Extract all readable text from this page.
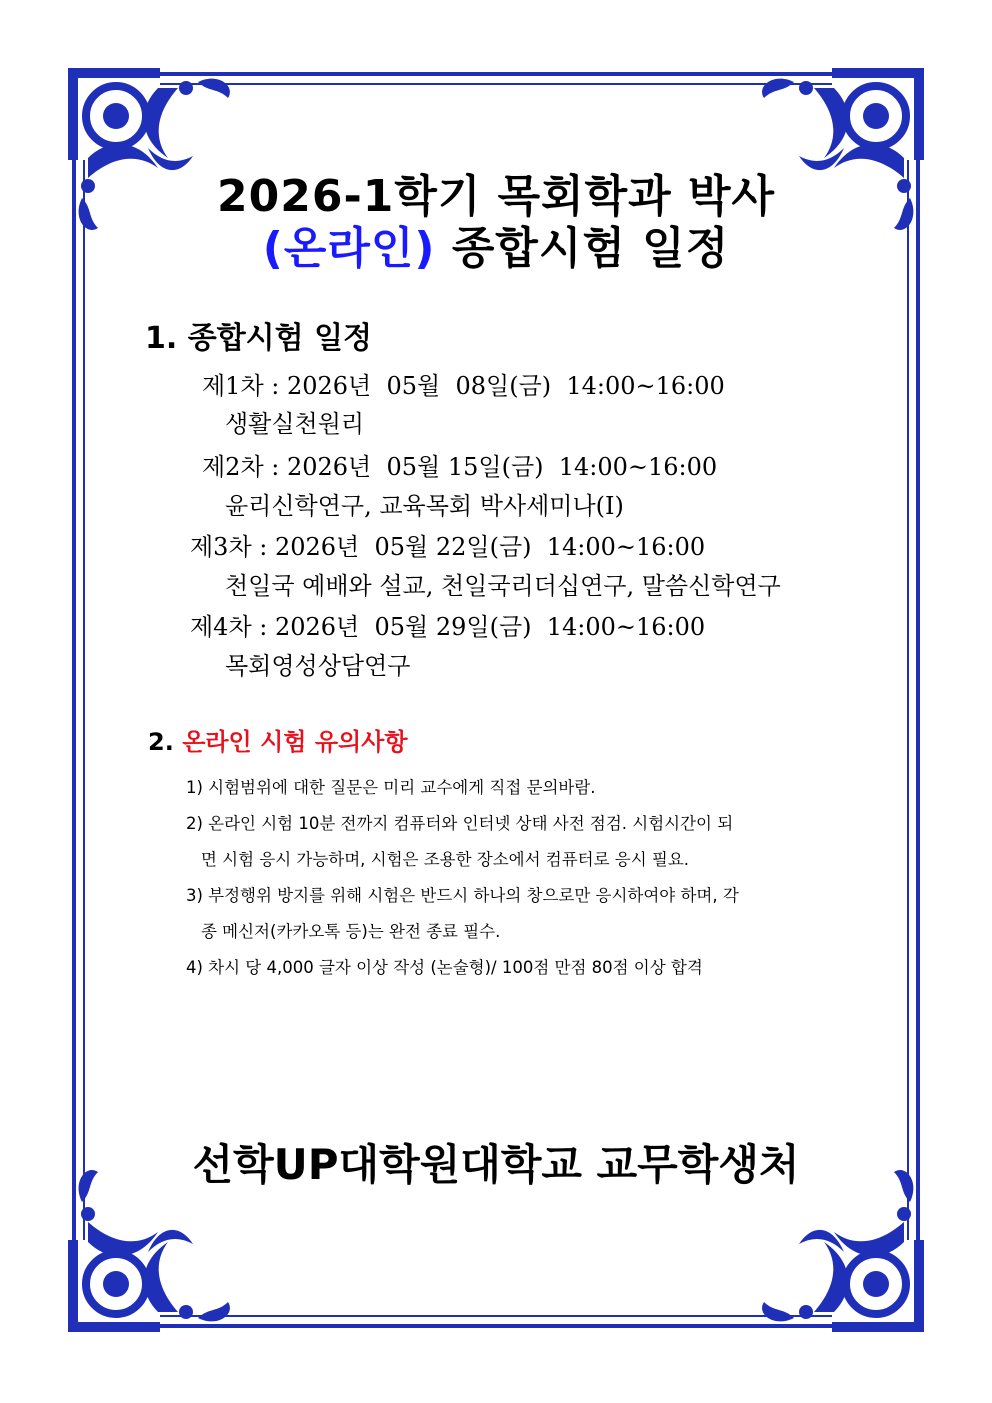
2026-1학기 목회학과 박사
(온라인) 종합시험 일정
1. 종합시험 일정
제1차 : 2026년  05월  08일(금)  14:00~16:00
생활실천원리
제2차 : 2026년  05월 15일(금)  14:00~16:00
윤리신학연구, 교육목회 박사세미나(I)
제3차 : 2026년  05월 22일(금)  14:00~16:00
천일국 예배와 설교, 천일국리더십연구, 말씀신학연구
제4차 : 2026년  05월 29일(금)  14:00~16:00
목회영성상담연구
2. 온라인 시험 유의사항
1) 시험범위에 대한 질문은 미리 교수에게 직접 문의바람.
2) 온라인 시험 10분 전까지 컴퓨터와 인터넷 상태 사전 점검. 시험시간이 되
면 시험 응시 가능하며, 시험은 조용한 장소에서 컴퓨터로 응시 필요.
3) 부정행위 방지를 위해 시험은 반드시 하나의 창으로만 응시하여야 하며, 각
종 메신저(카카오톡 등)는 완전 종료 필수.
4) 차시 당 4,000 글자 이상 작성 (논술형)/ 100점 만점 80점 이상 합격
선학UP대학원대학교 교무학생처
